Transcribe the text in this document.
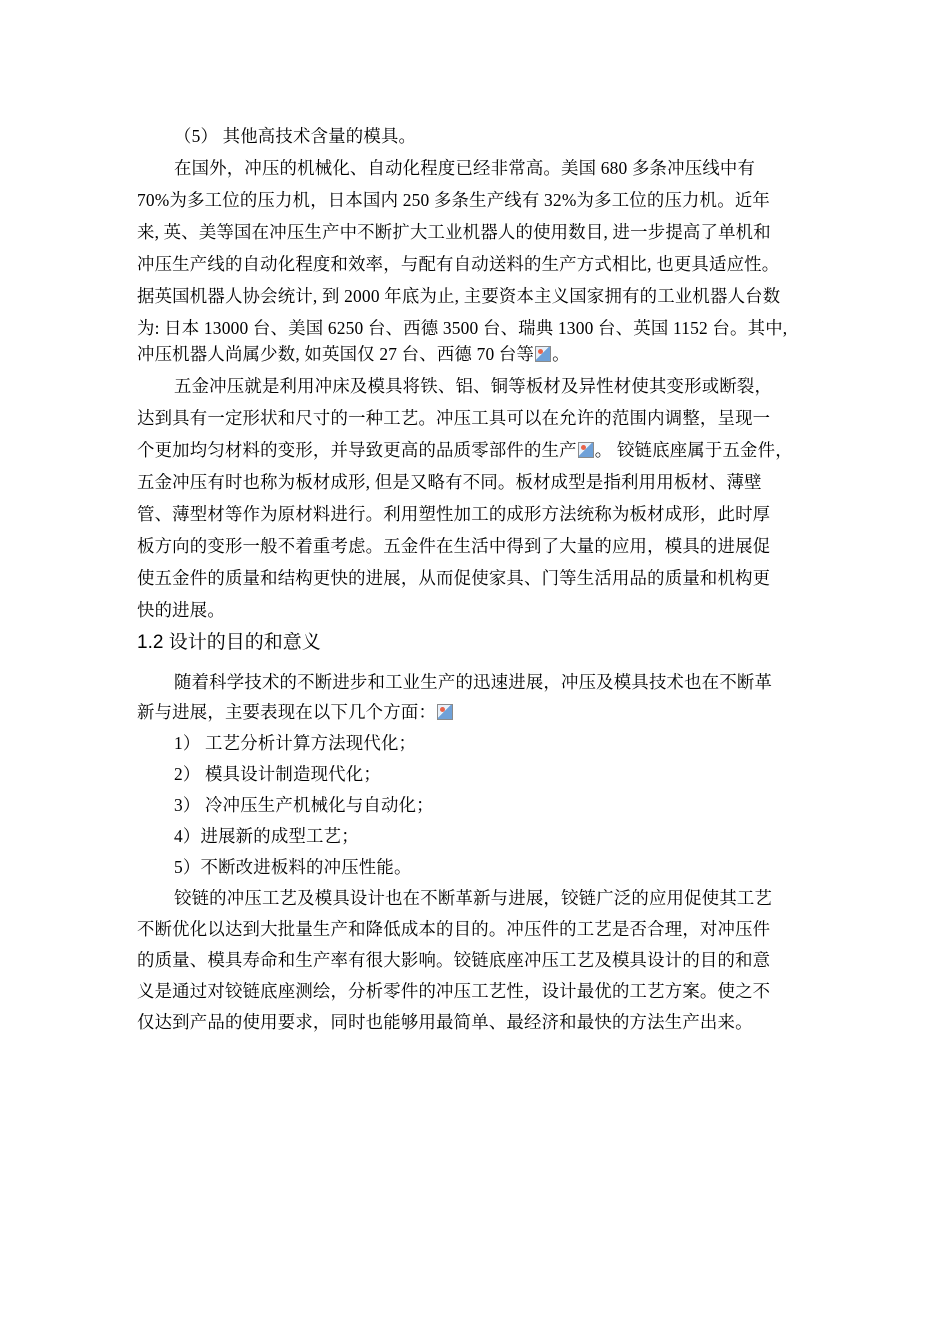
（5） 其他高技术含量的模具。
在国外，冲压的机械化、自动化程度已经非常高。美国 680 多条冲压线中有
70%为多工位的压力机，日本国内 250 多条生产线有 32%为多工位的压力机。近年
来, 英、美等国在冲压生产中不断扩大工业机器人的使用数目, 进一步提高了单机和
冲压生产线的自动化程度和效率，与配有自动送料的生产方式相比, 也更具适应性。
据英国机器人协会统计, 到 2000 年底为止, 主要资本主义国家拥有的工业机器人台数
为: 日本 13000 台、美国 6250 台、西德 3500 台、瑞典 1300 台、英国 1152 台。其中,
冲压机器人尚属少数, 如英国仅 27 台、西德 70 台等 。
五金冲压就是利用冲床及模具将铁、铝、铜等板材及异性材使其变形或断裂，
达到具有一定形状和尺寸的一种工艺。冲压工具可以在允许的范围内调整，呈现一
个更加均匀材料的变形，并导致更高的品质零部件的生产 。 铰链底座属于五金件，
五金冲压有时也称为板材成形, 但是又略有不同。板材成型是指利用用板材、薄壁
管、薄型材等作为原材料进行。利用塑性加工的成形方法统称为板材成形，此时厚
板方向的变形一般不着重考虑。五金件在生活中得到了大量的应用，模具的进展促
使五金件的质量和结构更快的进展，从而促使家具、门等生活用品的质量和机构更
快的进展。
1.2 设计的目的和意义
随着科学技术的不断进步和工业生产的迅速进展，冲压及模具技术也在不断革
新与进展，主要表现在以下几个方面：
1） 工艺分析计算方法现代化；
2） 模具设计制造现代化；
3） 冷冲压生产机械化与自动化；
4）进展新的成型工艺；
5）不断改进板料的冲压性能。
铰链的冲压工艺及模具设计也在不断革新与进展，铰链广泛的应用促使其工艺
不断优化以达到大批量生产和降低成本的目的。冲压件的工艺是否合理，对冲压件
的质量、模具寿命和生产率有很大影响。铰链底座冲压工艺及模具设计的目的和意
义是通过对铰链底座测绘，分析零件的冲压工艺性，设计最优的工艺方案。使之不
仅达到产品的使用要求，同时也能够用最简单、最经济和最快的方法生产出来。
